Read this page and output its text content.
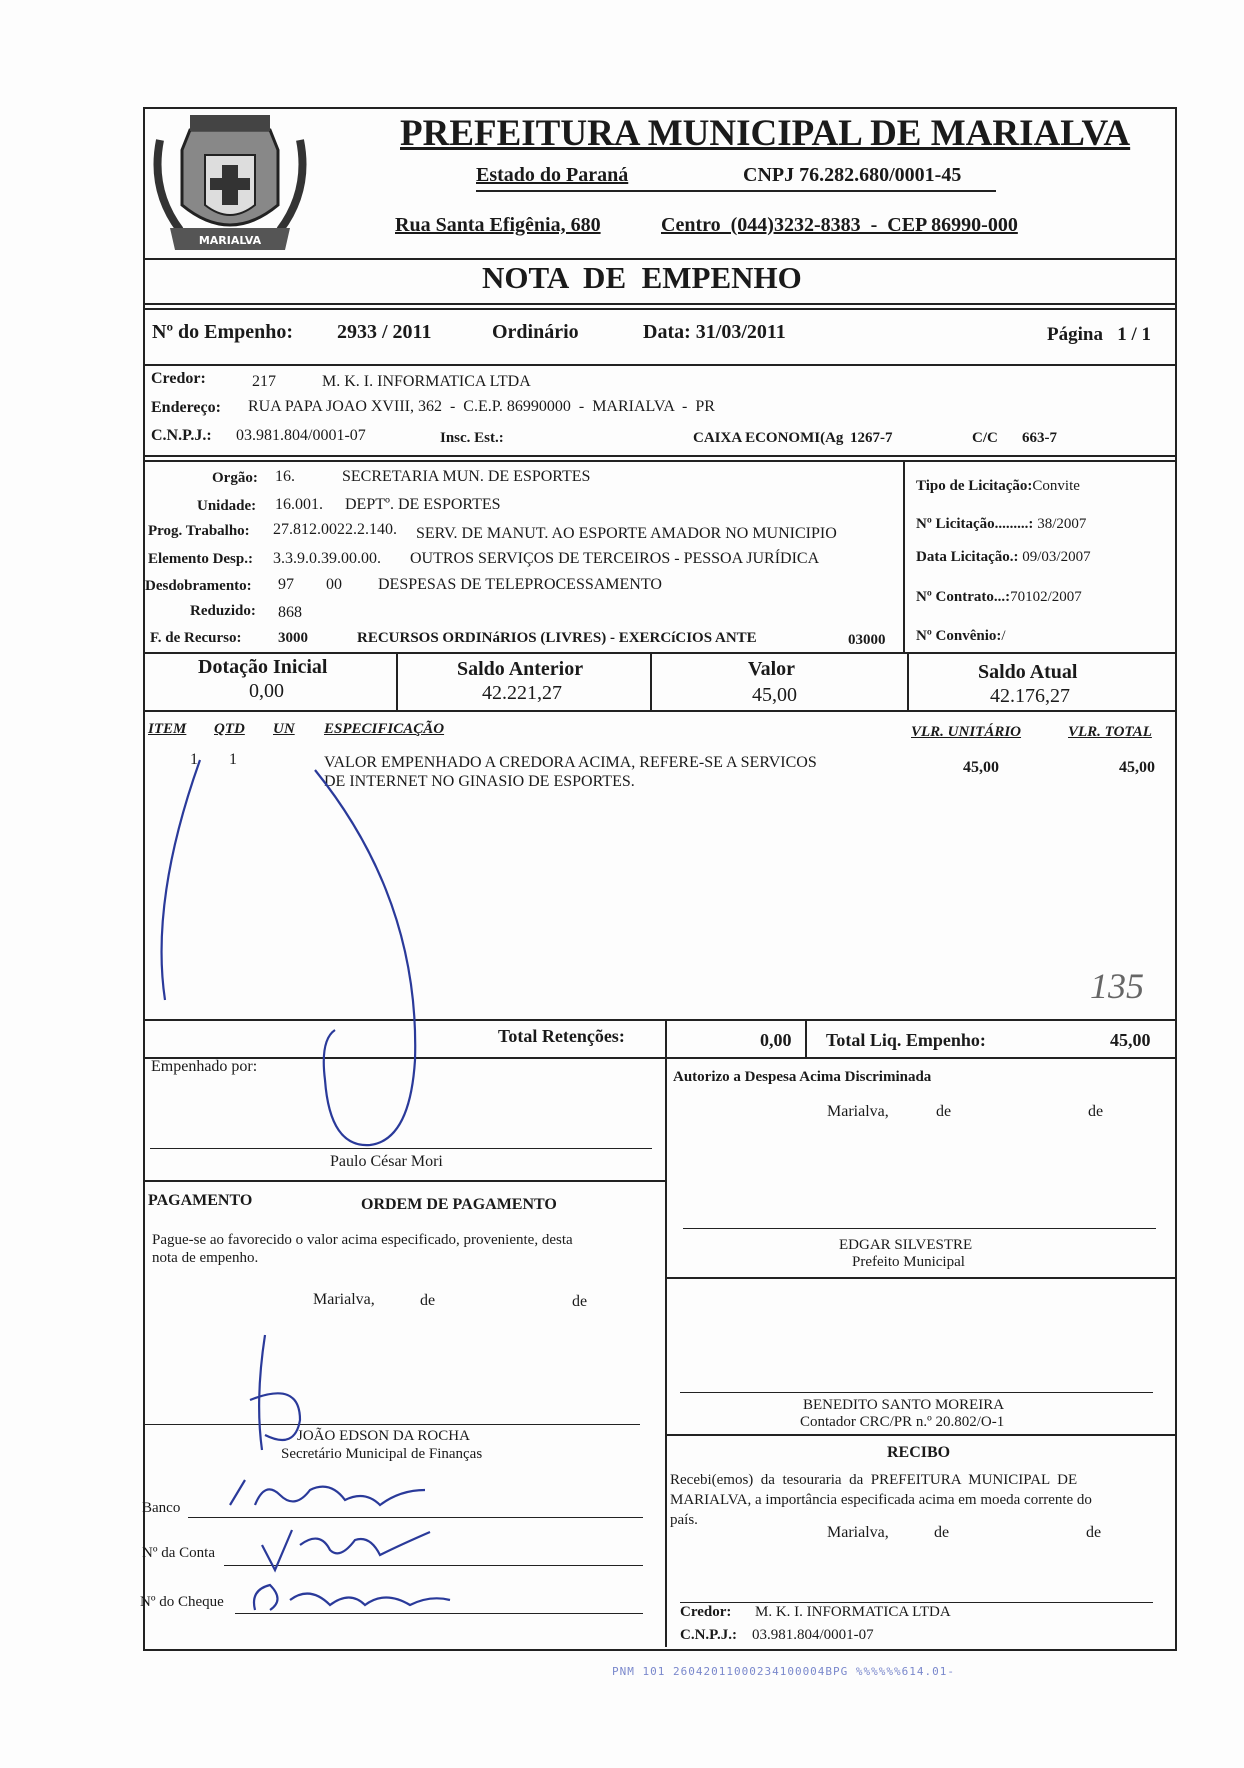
MARIALVA
PREFEITURA MUNICIPAL DE MARIALVA
Estado do Paraná	CNPJ 76.282.680/0001-45
Rua Santa Efigênia, 680	Centro  (044)3232-8383  -  CEP 86990-000
NOTA  DE  EMPENHO
Nº do Empenho: 2933 / 2011	Ordinário	Data: 31/03/2011	Página   1 / 1
Credor:	217	M. K. I. INFORMATICA LTDA
Endereço: RUA PAPA JOAO XVIII, 362  -  C.E.P. 86990000  -  MARIALVA  -  PR
C.N.P.J.: 03.981.804/0001-07	Insc. Est.:	CAIXA ECONOMI(Ag 1267-7	C/C 663-7
Orgão: 16.	SECRETARIA MUN. DE ESPORTES
Unidade: 16.001. DEPTº. DE ESPORTES
Prog. Trabalho: 27.812.0022.2.140. SERV. DE MANUT. AO ESPORTE AMADOR NO MUNICIPIO
Elemento Desp.: 3.3.9.0.39.00.00. OUTROS SERVIÇOS DE TERCEIROS - PESSOA JURÍDICA
Desdobramento: 97 00 DESPESAS DE TELEPROCESSAMENTO
Reduzido: 868
F. de Recurso: 3000	RECURSOS ORDINáRIOS (LIVRES) - EXERCíCIOS ANTE	03000
Tipo de Licitação:Convite
Nº Licitação.........: 38/2007
Data Licitação.: 09/03/2007
Nº Contrato...:70102/2007
Nº Convênio:/
Dotação Inicial
0,00
Saldo Anterior
42.221,27
Valor
45,00
Saldo Atual
42.176,27
ITEM QTD UN ESPECIFICAÇÃO	VLR. UNITÁRIO	VLR. TOTAL
1 1	VALOR EMPENHADO A CREDORA ACIMA, REFERE-SE A SERVICOS
DE INTERNET NO GINASIO DE ESPORTES.
45,00	45,00
135
Total Retenções:	0,00 Total Liq. Empenho:	45,00
Empenhado por:
Paulo César Mori
Autorizo a Despesa Acima Discriminada
Marialva,	de	de
PAGAMENTO	ORDEM DE PAGAMENTO
Pague-se ao favorecido o valor acima especificado, proveniente, desta
nota de empenho.
Marialva,	de	de
JOÃO EDSON DA ROCHA
Secretário Municipal de Finanças
EDGAR SILVESTRE
Prefeito Municipal
BENEDITO SANTO MOREIRA
Contador CRC/PR n.º 20.802/O-1
RECIBO
Recebi(emos)  da  tesouraria  da  PREFEITURA  MUNICIPAL  DE
MARIALVA, a importância especificada acima em moeda corrente do
país.
Marialva,	de	de
Credor: M. K. I. INFORMATICA LTDA
C.N.P.J.: 03.981.804/0001-07
Banco
Nº da Conta
Nº do Cheque
PNM 101 26042011000234100004BPG %%%%%%614.01-
